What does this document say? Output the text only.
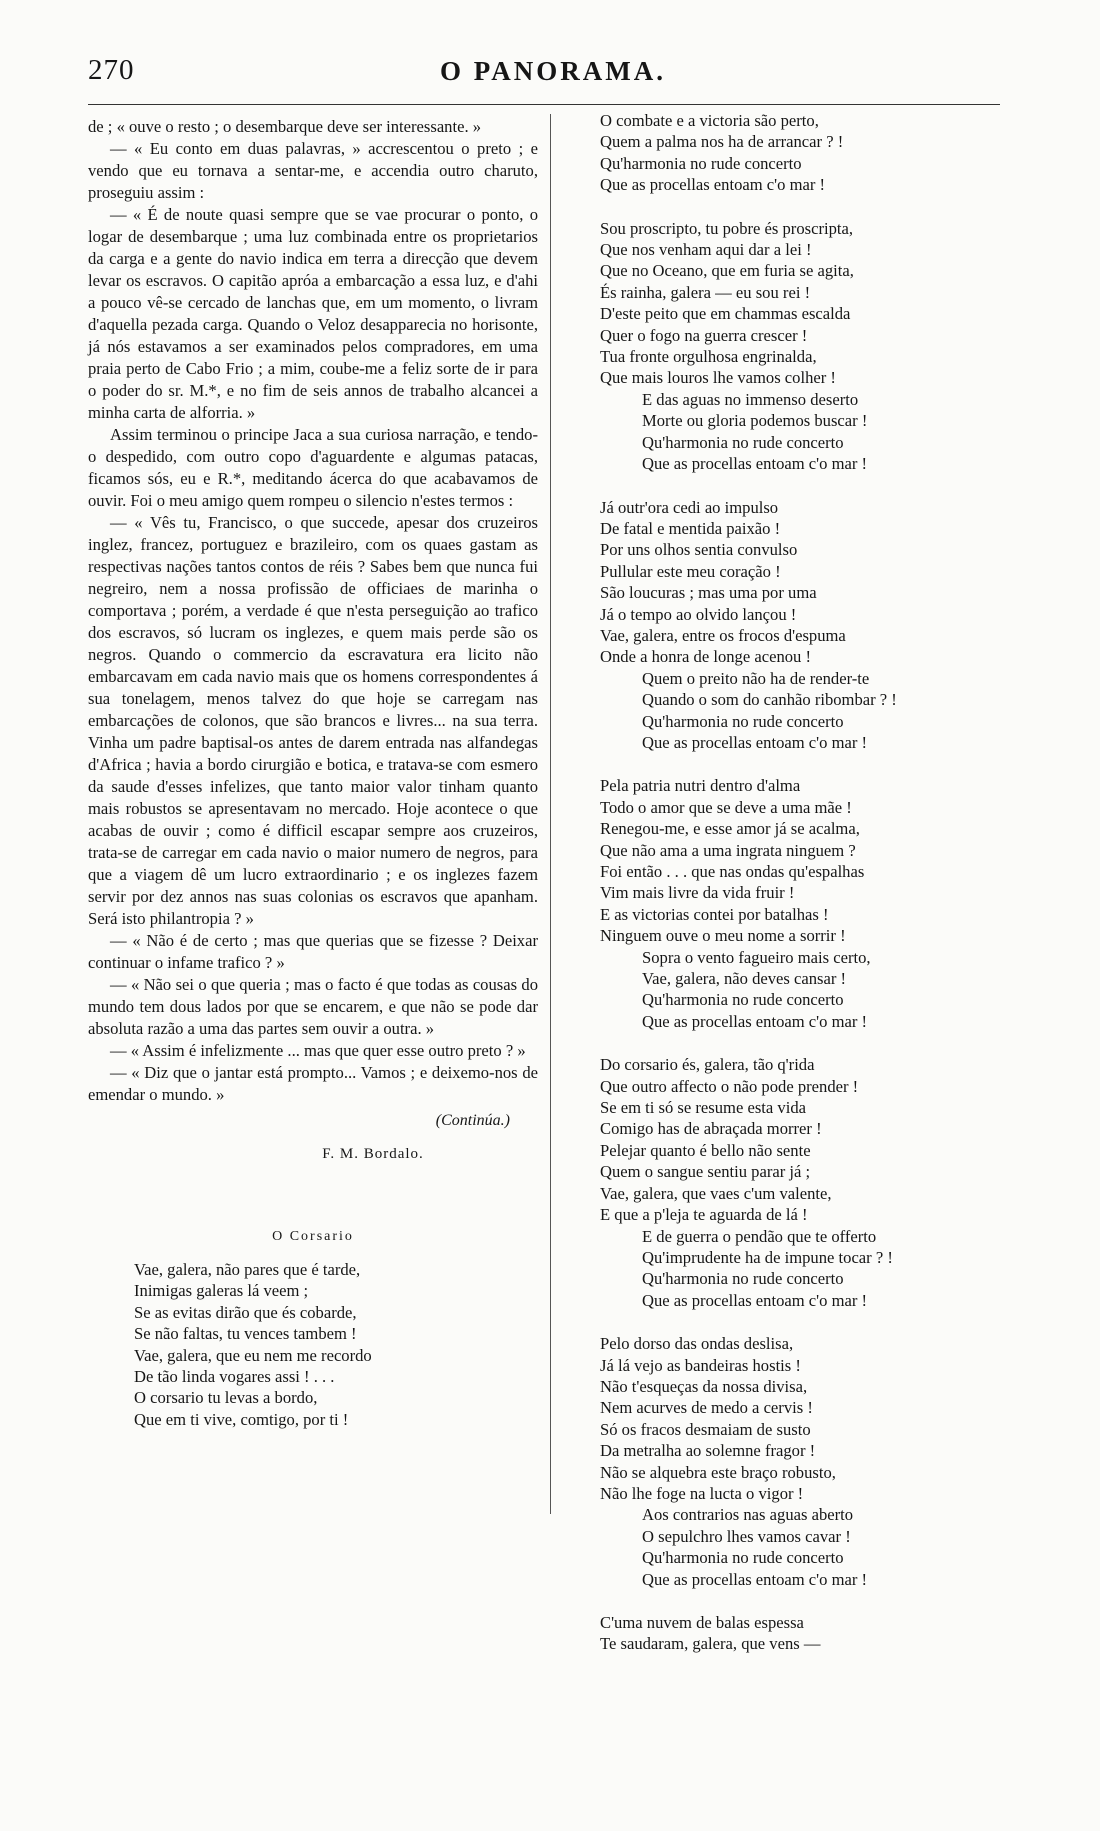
270	O PANORAMA.

de ; « ouve o resto ; o desembarque deve ser interessante. »

— « Eu conto em duas palavras, » accrescentou o preto ; e vendo que eu tornava a sentar-me, e accendia outro charuto, proseguiu assim :

— « É de noute quasi sempre que se vae procurar o ponto, o logar de desembarque ; uma luz combinada entre os proprietarios da carga e a gente do navio indica em terra a direcção que devem levar os escravos. O capitão apróa a embarcação a essa luz, e d'ahi a pouco vê-se cercado de lanchas que, em um momento, o livram d'aquella pezada carga. Quando o Veloz desapparecia no horisonte, já nós estavamos a ser examinados pelos compradores, em uma praia perto de Cabo Frio ; a mim, coube-me a feliz sorte de ir para o poder do sr. M.*, e no fim de seis annos de trabalho alcancei a minha carta de alforria. »

Assim terminou o principe Jaca a sua curiosa narração, e tendo-o despedido, com outro copo d'aguardente e algumas patacas, ficamos sós, eu e R.*, meditando ácerca do que acabavamos de ouvir. Foi o meu amigo quem rompeu o silencio n'estes termos :

— « Vês tu, Francisco, o que succede, apesar dos cruzeiros inglez, francez, portuguez e brazileiro, com os quaes gastam as respectivas nações tantos contos de réis ? Sabes bem que nunca fui negreiro, nem a nossa profissão de officiaes de marinha o comportava ; porém, a verdade é que n'esta perseguição ao trafico dos escravos, só lucram os inglezes, e quem mais perde são os negros. Quando o commercio da escravatura era licito não embarcavam em cada navio mais que os homens correspondentes á sua tonelagem, menos talvez do que hoje se carregam nas embarcações de colonos, que são brancos e livres... na sua terra. Vinha um padre baptisal-os antes de darem entrada nas alfandegas d'Africa ; havia a bordo cirurgião e botica, e tratava-se com esmero da saude d'esses infelizes, que tanto maior valor tinham quanto mais robustos se apresentavam no mercado. Hoje acontece o que acabas de ouvir ; como é difficil escapar sempre aos cruzeiros, trata-se de carregar em cada navio o maior numero de negros, para que a viagem dê um lucro extraordinario ; e os inglezes fazem servir por dez annos nas suas colonias os escravos que apanham. Será isto philantropia ? »

— « Não é de certo ; mas que querias que se fizesse ? Deixar continuar o infame trafico ? »

— « Não sei o que queria ; mas o facto é que todas as cousas do mundo tem dous lados por que se encarem, e que não se pode dar absoluta razão a uma das partes sem ouvir a outra. »

— « Assim é infelizmente ... mas que quer esse outro preto ? »

— « Diz que o jantar está prompto... Vamos ; e deixemo-nos de emendar o mundo. »

(Continúa.)
F. M. Bordalo.
O Corsario

Vae, galera, não pares que é tarde,

Inimigas galeras lá veem ;

Se as evitas dirão que és cobarde,

Se não faltas, tu vences tambem !

Vae, galera, que eu nem me recordo

De tão linda vogares assi ! . . .

O corsario tu levas a bordo,

Que em ti vive, comtigo, por ti !

O combate e a victoria são perto,

Quem a palma nos ha de arrancar ? !

Qu'harmonia no rude concerto

Que as procellas entoam c'o mar !

Sou proscripto, tu pobre és proscripta,

Que nos venham aqui dar a lei !

Que no Oceano, que em furia se agita,

És rainha, galera — eu sou rei !

D'este peito que em chammas escalda

Quer o fogo na guerra crescer !

Tua fronte orgulhosa engrinalda,

Que mais louros lhe vamos colher !

E das aguas no immenso deserto

Morte ou gloria podemos buscar !

Qu'harmonia no rude concerto

Que as procellas entoam c'o mar !

Já outr'ora cedi ao impulso

De fatal e mentida paixão !

Por uns olhos sentia convulso

Pullular este meu coração !

São loucuras ; mas uma por uma

Já o tempo ao olvido lançou !

Vae, galera, entre os frocos d'espuma

Onde a honra de longe acenou !

Quem o preito não ha de render-te

Quando o som do canhão ribombar ? !

Qu'harmonia no rude concerto

Que as procellas entoam c'o mar !

Pela patria nutri dentro d'alma

Todo o amor que se deve a uma mãe !

Renegou-me, e esse amor já se acalma,

Que não ama a uma ingrata ninguem ?

Foi então . . . que nas ondas qu'espalhas

Vim mais livre da vida fruir !

E as victorias contei por batalhas !

Ninguem ouve o meu nome a sorrir !

Sopra o vento fagueiro mais certo,

Vae, galera, não deves cansar !

Qu'harmonia no rude concerto

Que as procellas entoam c'o mar !

Do corsario és, galera, tão q'rida

Que outro affecto o não pode prender !

Se em ti só se resume esta vida

Comigo has de abraçada morrer !

Pelejar quanto é bello não sente

Quem o sangue sentiu parar já ;

Vae, galera, que vaes c'um valente,

E que a p'leja te aguarda de lá !

E de guerra o pendão que te offerto

Qu'imprudente ha de impune tocar ? !

Qu'harmonia no rude concerto

Que as procellas entoam c'o mar !

Pelo dorso das ondas deslisa,

Já lá vejo as bandeiras hostis !

Não t'esqueças da nossa divisa,

Nem acurves de medo a cervis !

Só os fracos desmaiam de susto

Da metralha ao solemne fragor !

Não se alquebra este braço robusto,

Não lhe foge na lucta o vigor !

Aos contrarios nas aguas aberto

O sepulchro lhes vamos cavar !

Qu'harmonia no rude concerto

Que as procellas entoam c'o mar !

C'uma nuvem de balas espessa

Te saudaram, galera, que vens —
